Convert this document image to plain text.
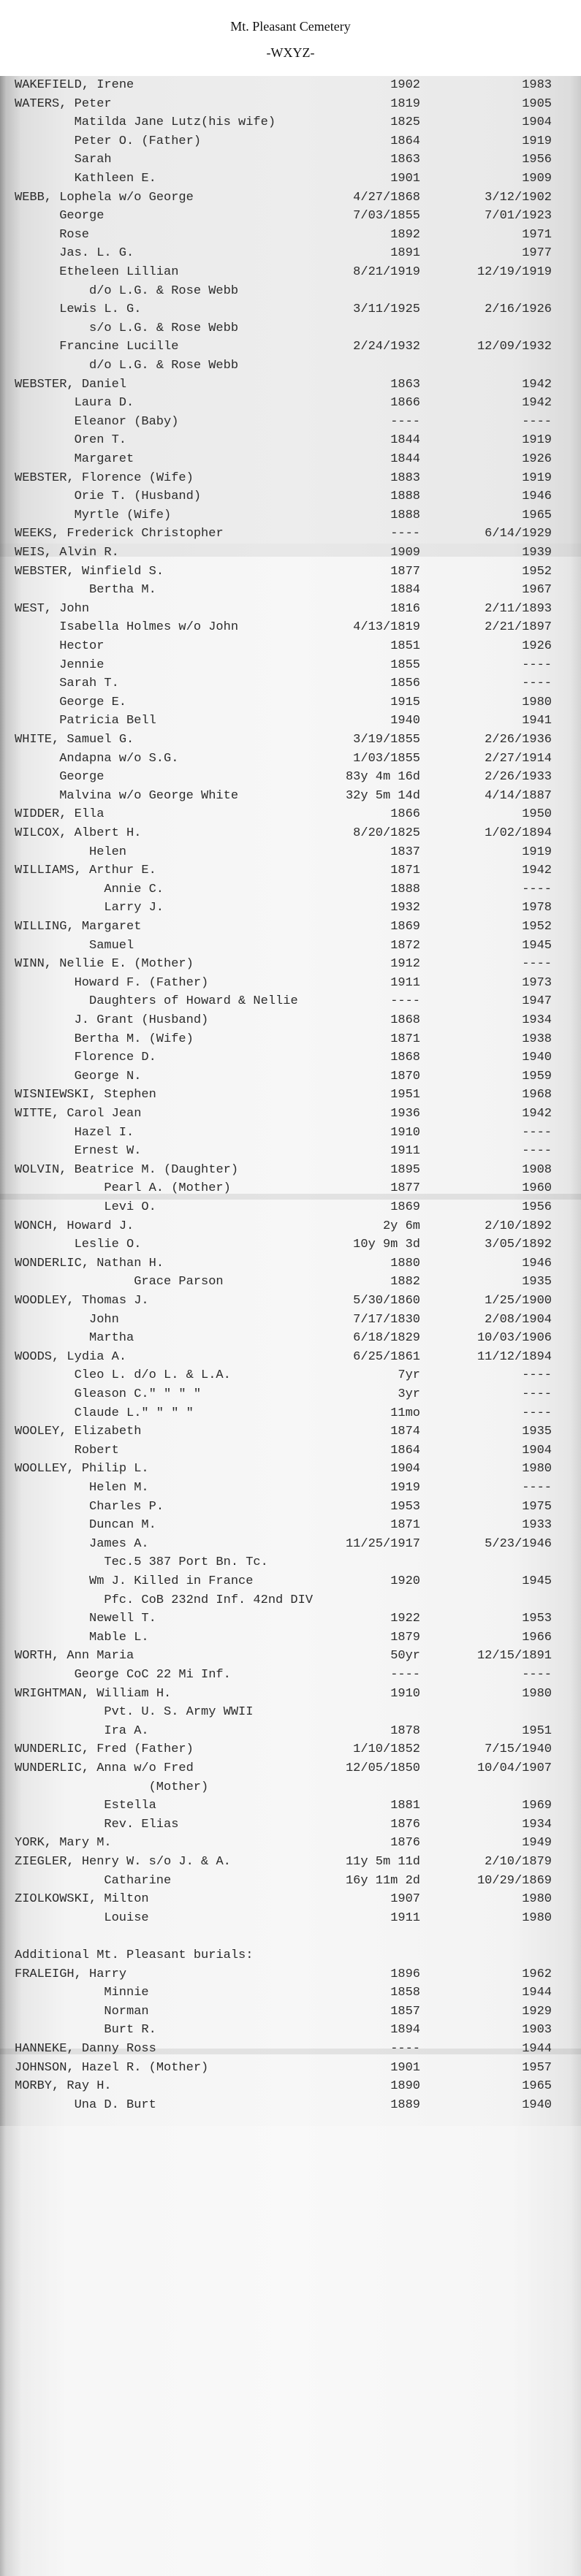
Mt. Pleasant Cemetery
-WXYZ-
WAKEFIELD, Irene	1902	1983
WATERS, Peter	1819	1905
Matilda Jane Lutz(his wife)	1825	1904
Peter O. (Father)	1864	1919
Sarah	1863	1956
Kathleen E.	1901	1909
WEBB, Lophela w/o George	4/27/1868	3/12/1902
George	7/03/1855	7/01/1923
Rose	1892	1971
Jas. L. G.	1891	1977
Etheleen Lillian	8/21/1919	12/19/1919
d/o L.G. & Rose Webb
Lewis L. G.	3/11/1925	2/16/1926
s/o L.G. & Rose Webb
Francine Lucille	2/24/1932	12/09/1932
d/o L.G. & Rose Webb
WEBSTER, Daniel	1863	1942
Laura D.	1866	1942
Eleanor (Baby)	----	----
Oren T.	1844	1919
Margaret	1844	1926
WEBSTER, Florence (Wife)	1883	1919
Orie T. (Husband)	1888	1946
Myrtle (Wife)	1888	1965
WEEKS, Frederick Christopher	----	6/14/1929
WEIS, Alvin R.	1909	1939
WEBSTER, Winfield S.	1877	1952
Bertha M.	1884	1967
WEST, John	1816	2/11/1893
Isabella Holmes w/o John	4/13/1819	2/21/1897
Hector	1851	1926
Jennie	1855	----
Sarah T.	1856	----
George E.	1915	1980
Patricia Bell	1940	1941
WHITE, Samuel G.	3/19/1855	2/26/1936
Andapna w/o S.G.	1/03/1855	2/27/1914
George	83y 4m 16d	2/26/1933
Malvina w/o George White	32y 5m 14d	4/14/1887
WIDDER, Ella	1866	1950
WILCOX, Albert H.	8/20/1825	1/02/1894
Helen	1837	1919
WILLIAMS, Arthur E.	1871	1942
Annie C.	1888	----
Larry J.	1932	1978
WILLING, Margaret	1869	1952
Samuel	1872	1945
WINN, Nellie E. (Mother)	1912	----
Howard F. (Father)	1911	1973
Daughters of Howard & Nellie	----	1947
J. Grant (Husband)	1868	1934
Bertha M. (Wife)	1871	1938
Florence D.	1868	1940
George N.	1870	1959
WISNIEWSKI, Stephen	1951	1968
WITTE, Carol Jean	1936	1942
Hazel I.	1910	----
Ernest W.	1911	----
WOLVIN, Beatrice M. (Daughter)	1895	1908
Pearl A. (Mother)	1877	1960
Levi O.	1869	1956
WONCH, Howard J.	2y 6m	2/10/1892
Leslie O.	10y 9m 3d	3/05/1892
WONDERLIC, Nathan H.	1880	1946
Grace Parson	1882	1935
WOODLEY, Thomas J.	5/30/1860	1/25/1900
John	7/17/1830	2/08/1904
Martha	6/18/1829	10/03/1906
WOODS, Lydia A.	6/25/1861	11/12/1894
Cleo L. d/o L. & L.A.	7yr	----
Gleason C." " " "	3yr	----
Claude L." " " "	11mo	----
WOOLEY, Elizabeth	1874	1935
Robert	1864	1904
WOOLLEY, Philip L.	1904	1980
Helen M.	1919	----
Charles P.	1953	1975
Duncan M.	1871	1933
James A.	11/25/1917	5/23/1946
Tec.5 387 Port Bn. Tc.
Wm J. Killed in France	1920	1945
Pfc. CoB 232nd Inf. 42nd DIV
Newell T.	1922	1953
Mable L.	1879	1966
WORTH, Ann Maria	50yr	12/15/1891
George CoC 22 Mi Inf.	----	----
WRIGHTMAN, William H.	1910	1980
Pvt. U. S. Army WWII
Ira A.	1878	1951
WUNDERLIC, Fred (Father)	1/10/1852	7/15/1940
WUNDERLIC, Anna w/o Fred	12/05/1850	10/04/1907
(Mother)
Estella	1881	1969
Rev. Elias	1876	1934
YORK, Mary M.	1876	1949
ZIEGLER, Henry W. s/o J. & A.	11y 5m 11d	2/10/1879
Catharine	16y 11m 2d	10/29/1869
ZIOLKOWSKI, Milton	1907	1980
Louise	1911	1980
Additional Mt. Pleasant burials:
FRALEIGH, Harry	1896	1962
Minnie	1858	1944
Norman	1857	1929
Burt R.	1894	1903
HANNEKE, Danny Ross	----	1944
JOHNSON, Hazel R. (Mother)	1901	1957
MORBY, Ray H.	1890	1965
Una D. Burt	1889	1940
